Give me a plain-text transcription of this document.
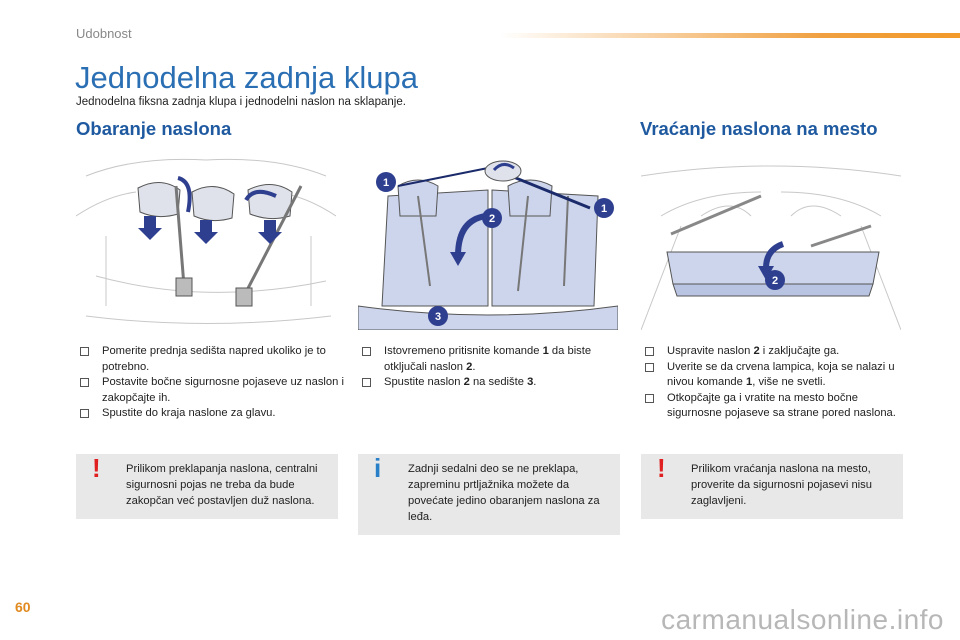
Udobnost
Jednodelna zadnja klupa
Jednodelna fiksna zadnja klupa i jednodelni naslon na sklapanje.
Obaranje naslona	Vraćanje naslona na mesto
1
2
1
3
2
Pomerite prednja sedišta napred ukoliko je to potrebno.
Postavite bočne sigurnosne pojaseve uz naslon i zakopčajte ih.
Spustite do kraja naslone za glavu.
Istovremeno pritisnite komande 1 da biste otključali naslon 2.
Spustite naslon 2 na sedište 3.
Uspravite naslon 2 i zaključajte ga.
Uverite se da crvena lampica, koja se nalazi u nivou komande 1, više ne svetli.
Otkopčajte ga i vratite na mesto bočne sigurnosne pojaseve sa strane pored naslona.
! Prilikom preklapanja naslona, centralni sigurnosni pojas ne treba da bude zakopčan već postavljen duž naslona.
i Zadnji sedalni deo se ne preklapa, zapreminu prtljažnika možete da povećate jedino obaranjem naslona za leđa.
! Prilikom vraćanja naslona na mesto, proverite da sigurnosni pojasevi nisu zaglavljeni.
60	carmanualsonline.info
